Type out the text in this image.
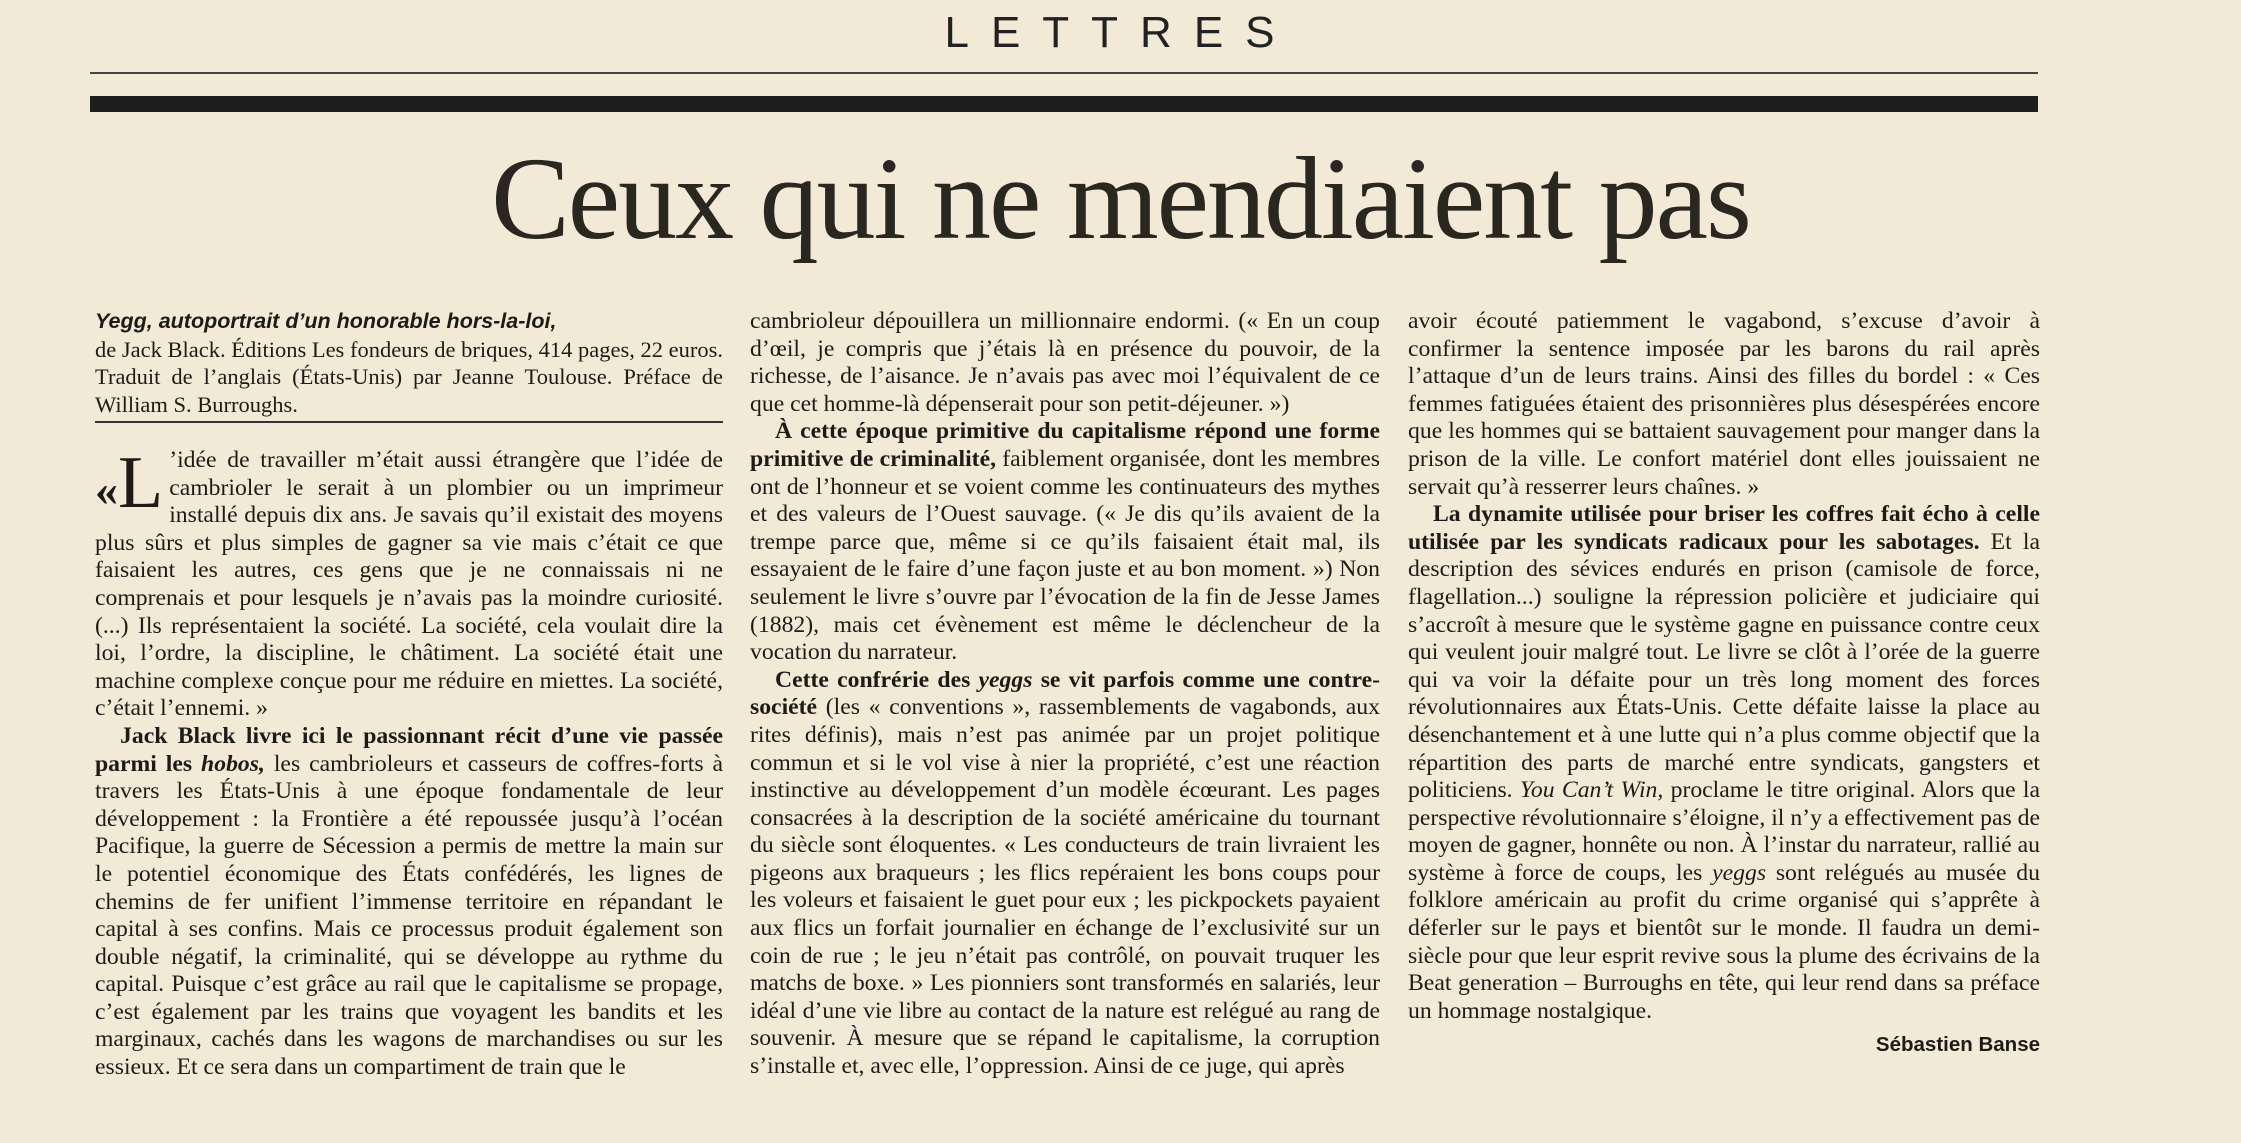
LETTRES
Ceux qui ne mendiaient pas
Yegg, autoportrait d’un honorable hors-la-loi,
de Jack Black. Éditions Les fondeurs de briques, 414 pages, 22 euros. Traduit de l’anglais (États-Unis) par Jeanne Toulouse. Préface de William S. Burroughs.

«L ’idée de travailler m’était aussi étrangère que l’idée de cambrioler le serait à un plombier ou un imprimeur installé depuis dix ans. Je savais qu’il existait des moyens plus sûrs et plus simples de gagner sa vie mais c’était ce que faisaient les autres, ces gens que je ne connaissais ni ne comprenais et pour lesquels je n’avais pas la moindre curiosité. (...) Ils représentaient la société. La société, cela voulait dire la loi, l’ordre, la discipline, le châtiment. La société était une machine complexe conçue pour me réduire en miettes. La société, c’était l’ennemi. »

Jack Black livre ici le passionnant récit d’une vie passée parmi les hobos, les cambrioleurs et casseurs de coffres-forts à travers les États-Unis à une époque fondamentale de leur développement : la Frontière a été repoussée jusqu’à l’océan Pacifique, la guerre de Sécession a permis de mettre la main sur le potentiel économique des États confédérés, les lignes de chemins de fer unifient l’immense territoire en répandant le capital à ses confins. Mais ce processus produit également son double négatif, la criminalité, qui se développe au rythme du capital. Puisque c’est grâce au rail que le capitalisme se propage, c’est également par les trains que voyagent les bandits et les marginaux, cachés dans les wagons de marchandises ou sur les essieux. Et ce sera dans un compartiment de train que le

cambrioleur dépouillera un millionnaire endormi. (« En un coup d’œil, je compris que j’étais là en présence du pouvoir, de la richesse, de l’aisance. Je n’avais pas avec moi l’équivalent de ce que cet homme-là dépenserait pour son petit-déjeuner. »)

À cette époque primitive du capitalisme répond une forme primitive de criminalité, faiblement organisée, dont les membres ont de l’honneur et se voient comme les continuateurs des mythes et des valeurs de l’Ouest sauvage. (« Je dis qu’ils avaient de la trempe parce que, même si ce qu’ils faisaient était mal, ils essayaient de le faire d’une façon juste et au bon moment. ») Non seulement le livre s’ouvre par l’évocation de la fin de Jesse James (1882), mais cet évènement est même le déclencheur de la vocation du narrateur.

Cette confrérie des yeggs se vit parfois comme une contre-société (les « conventions », rassemblements de vagabonds, aux rites définis), mais n’est pas animée par un projet politique commun et si le vol vise à nier la propriété, c’est une réaction instinctive au développement d’un modèle écœurant. Les pages consacrées à la description de la société américaine du tournant du siècle sont éloquentes. « Les conducteurs de train livraient les pigeons aux braqueurs ; les flics repéraient les bons coups pour les voleurs et faisaient le guet pour eux ; les pickpockets payaient aux flics un forfait journalier en échange de l’exclusivité sur un coin de rue ; le jeu n’était pas contrôlé, on pouvait truquer les matchs de boxe. » Les pionniers sont transformés en salariés, leur idéal d’une vie libre au contact de la nature est relégué au rang de souvenir. À mesure que se répand le capitalisme, la corruption s’installe et, avec elle, l’oppression. Ainsi de ce juge, qui après

avoir écouté patiemment le vagabond, s’excuse d’avoir à confirmer la sentence imposée par les barons du rail après l’attaque d’un de leurs trains. Ainsi des filles du bordel : « Ces femmes fatiguées étaient des prisonnières plus désespérées encore que les hommes qui se battaient sauvagement pour manger dans la prison de la ville. Le confort matériel dont elles jouissaient ne servait qu’à resserrer leurs chaînes. »

La dynamite utilisée pour briser les coffres fait écho à celle utilisée par les syndicats radicaux pour les sabotages. Et la description des sévices endurés en prison (camisole de force, flagellation...) souligne la répression policière et judiciaire qui s’accroît à mesure que le système gagne en puissance contre ceux qui veulent jouir malgré tout. Le livre se clôt à l’orée de la guerre qui va voir la défaite pour un très long moment des forces révolutionnaires aux États-Unis. Cette défaite laisse la place au désenchantement et à une lutte qui n’a plus comme objectif que la répartition des parts de marché entre syndicats, gangsters et politiciens. You Can’t Win, proclame le titre original. Alors que la perspective révolutionnaire s’éloigne, il n’y a effectivement pas de moyen de gagner, honnête ou non. À l’instar du narrateur, rallié au système à force de coups, les yeggs sont relégués au musée du folklore américain au profit du crime organisé qui s’apprête à déferler sur le pays et bientôt sur le monde. Il faudra un demi-siècle pour que leur esprit revive sous la plume des écrivains de la Beat generation – Burroughs en tête, qui leur rend dans sa préface un hommage nostalgique.

Sébastien Banse
